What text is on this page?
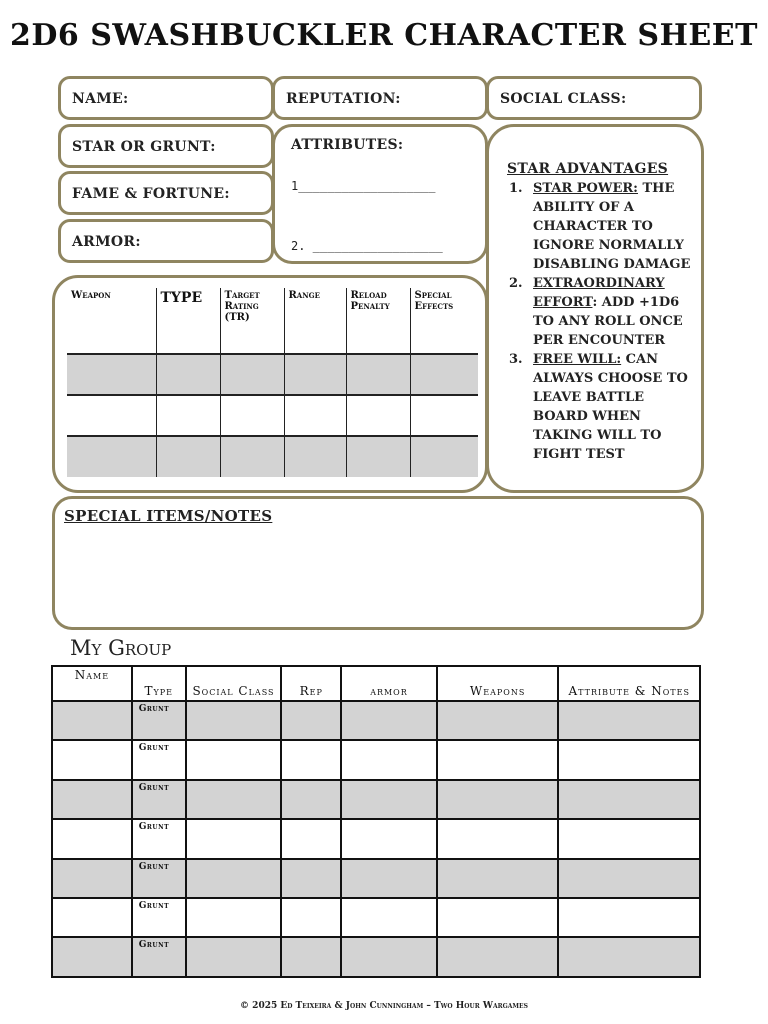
2D6 SWASHBUCKLER CHARACTER SHEET
NAME:	REPUTATION:	SOCIAL CLASS:
STAR OR GRUNT:
FAME & FORTUNE:
ARMOR:
ATTRIBUTES:
1___________________
2. __________________
STAR ADVANTAGES
1. STAR POWER: THE ABILITY OF A CHARACTER TO IGNORE NORMALLY DISABLING DAMAGE
2. EXTRAORDINARY EFFORT: ADD +1D6 TO ANY ROLL ONCE PER ENCOUNTER
3. FREE WILL: CAN ALWAYS CHOOSE TO LEAVE BATTLE BOARD WHEN TAKING WILL TO FIGHT TEST
Weapon	TYPE	Target Rating (TR)	Range	Reload Penalty	Special Effects

SPECIAL ITEMS/NOTES
My Group
Name	Type	Social Class	Rep	armor	Weapons	Attribute & Notes

	Grunt					

	Grunt					

	Grunt					

	Grunt					

	Grunt					

	Grunt					

	Grunt					

© 2025 Ed Teixeira & John Cunningham – Two Hour Wargames
